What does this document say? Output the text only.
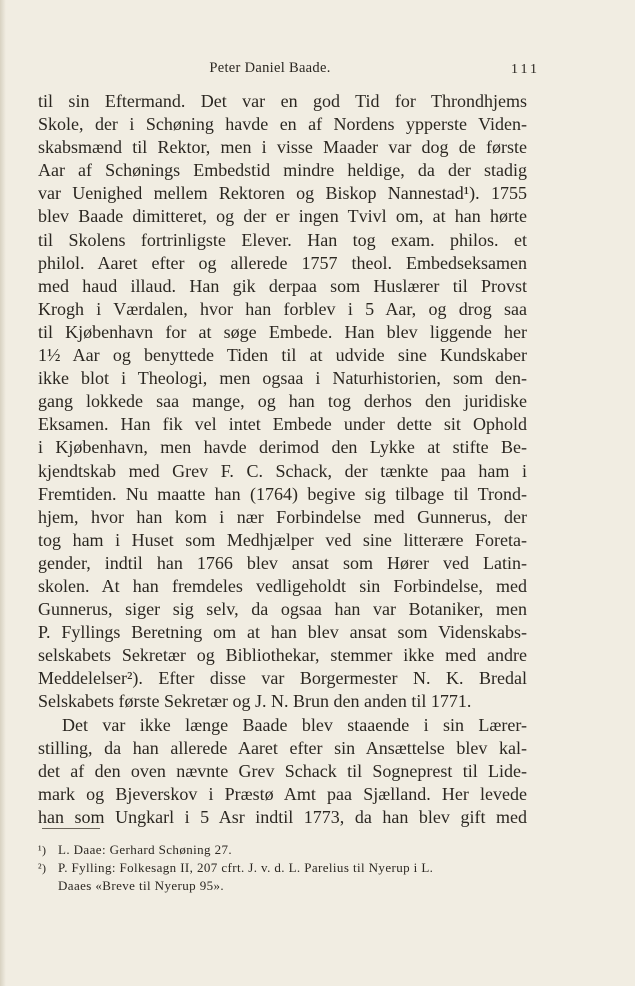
Peter Daniel Baade.	111
til sin Eftermand. Det var en god Tid for Throndhjems
Skole, der i Schøning havde en af Nordens ypperste Viden-
skabsmænd til Rektor, men i visse Maader var dog de første
Aar af Schønings Embedstid mindre heldige, da der stadig
var Uenighed mellem Rektoren og Biskop Nannestad¹). 1755
blev Baade dimitteret, og der er ingen Tvivl om, at han hørte
til Skolens fortrinligste Elever. Han tog exam. philos. et
philol. Aaret efter og allerede 1757 theol. Embedseksamen
med haud illaud. Han gik derpaa som Huslærer til Provst
Krogh i Værdalen, hvor han forblev i 5 Aar, og drog saa
til Kjøbenhavn for at søge Embede. Han blev liggende her
1½ Aar og benyttede Tiden til at udvide sine Kundskaber
ikke blot i Theologi, men ogsaa i Naturhistorien, som den-
gang lokkede saa mange, og han tog derhos den juridiske
Eksamen. Han fik vel intet Embede under dette sit Ophold
i Kjøbenhavn, men havde derimod den Lykke at stifte Be-
kjendtskab med Grev F. C. Schack, der tænkte paa ham i
Fremtiden. Nu maatte han (1764) begive sig tilbage til Trond-
hjem, hvor han kom i nær Forbindelse med Gunnerus, der
tog ham i Huset som Medhjælper ved sine litterære Foreta-
gender, indtil han 1766 blev ansat som Hører ved Latin-
skolen. At han fremdeles vedligeholdt sin Forbindelse, med
Gunnerus, siger sig selv, da ogsaa han var Botaniker, men
P. Fyllings Beretning om at han blev ansat som Videnskabs-
selskabets Sekretær og Bibliothekar, stemmer ikke med andre
Meddelelser²). Efter disse var Borgermester N. K. Bredal
Selskabets første Sekretær og J. N. Brun den anden til 1771.
Det var ikke længe Baade blev staaende i sin Lærer-
stilling, da han allerede Aaret efter sin Ansættelse blev kal-
det af den oven nævnte Grev Schack til Sogneprest til Lide-
mark og Bjeverskov i Præstø Amt paa Sjælland. Her levede
han som Ungkarl i 5 Asr indtil 1773, da han blev gift med
¹) L. Daae: Gerhard Schøning 27.
²) P. Fylling: Folkesagn II, 207 cfrt. J. v. d. L. Parelius til Nyerup i L.
Daaes «Breve til Nyerup 95».
